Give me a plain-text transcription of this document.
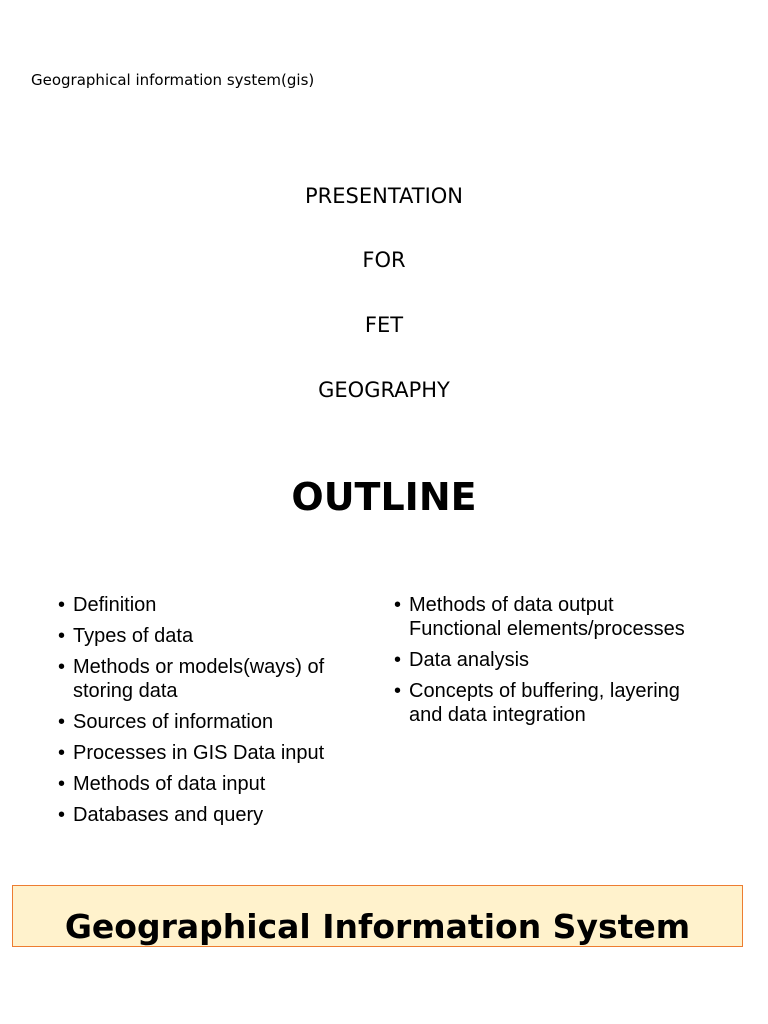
Geographical information system(gis)
PRESENTATION
FOR
FET
GEOGRAPHY
OUTLINE
• Definition
• Types of data
• Methods or models(ways) of
storing data
• Sources of information
• Processes in GIS Data input
• Methods of data input
• Databases and query
• Methods of data output
Functional elements/processes
• Data analysis
• Concepts of buffering, layering
and data integration
Geographical Information System
